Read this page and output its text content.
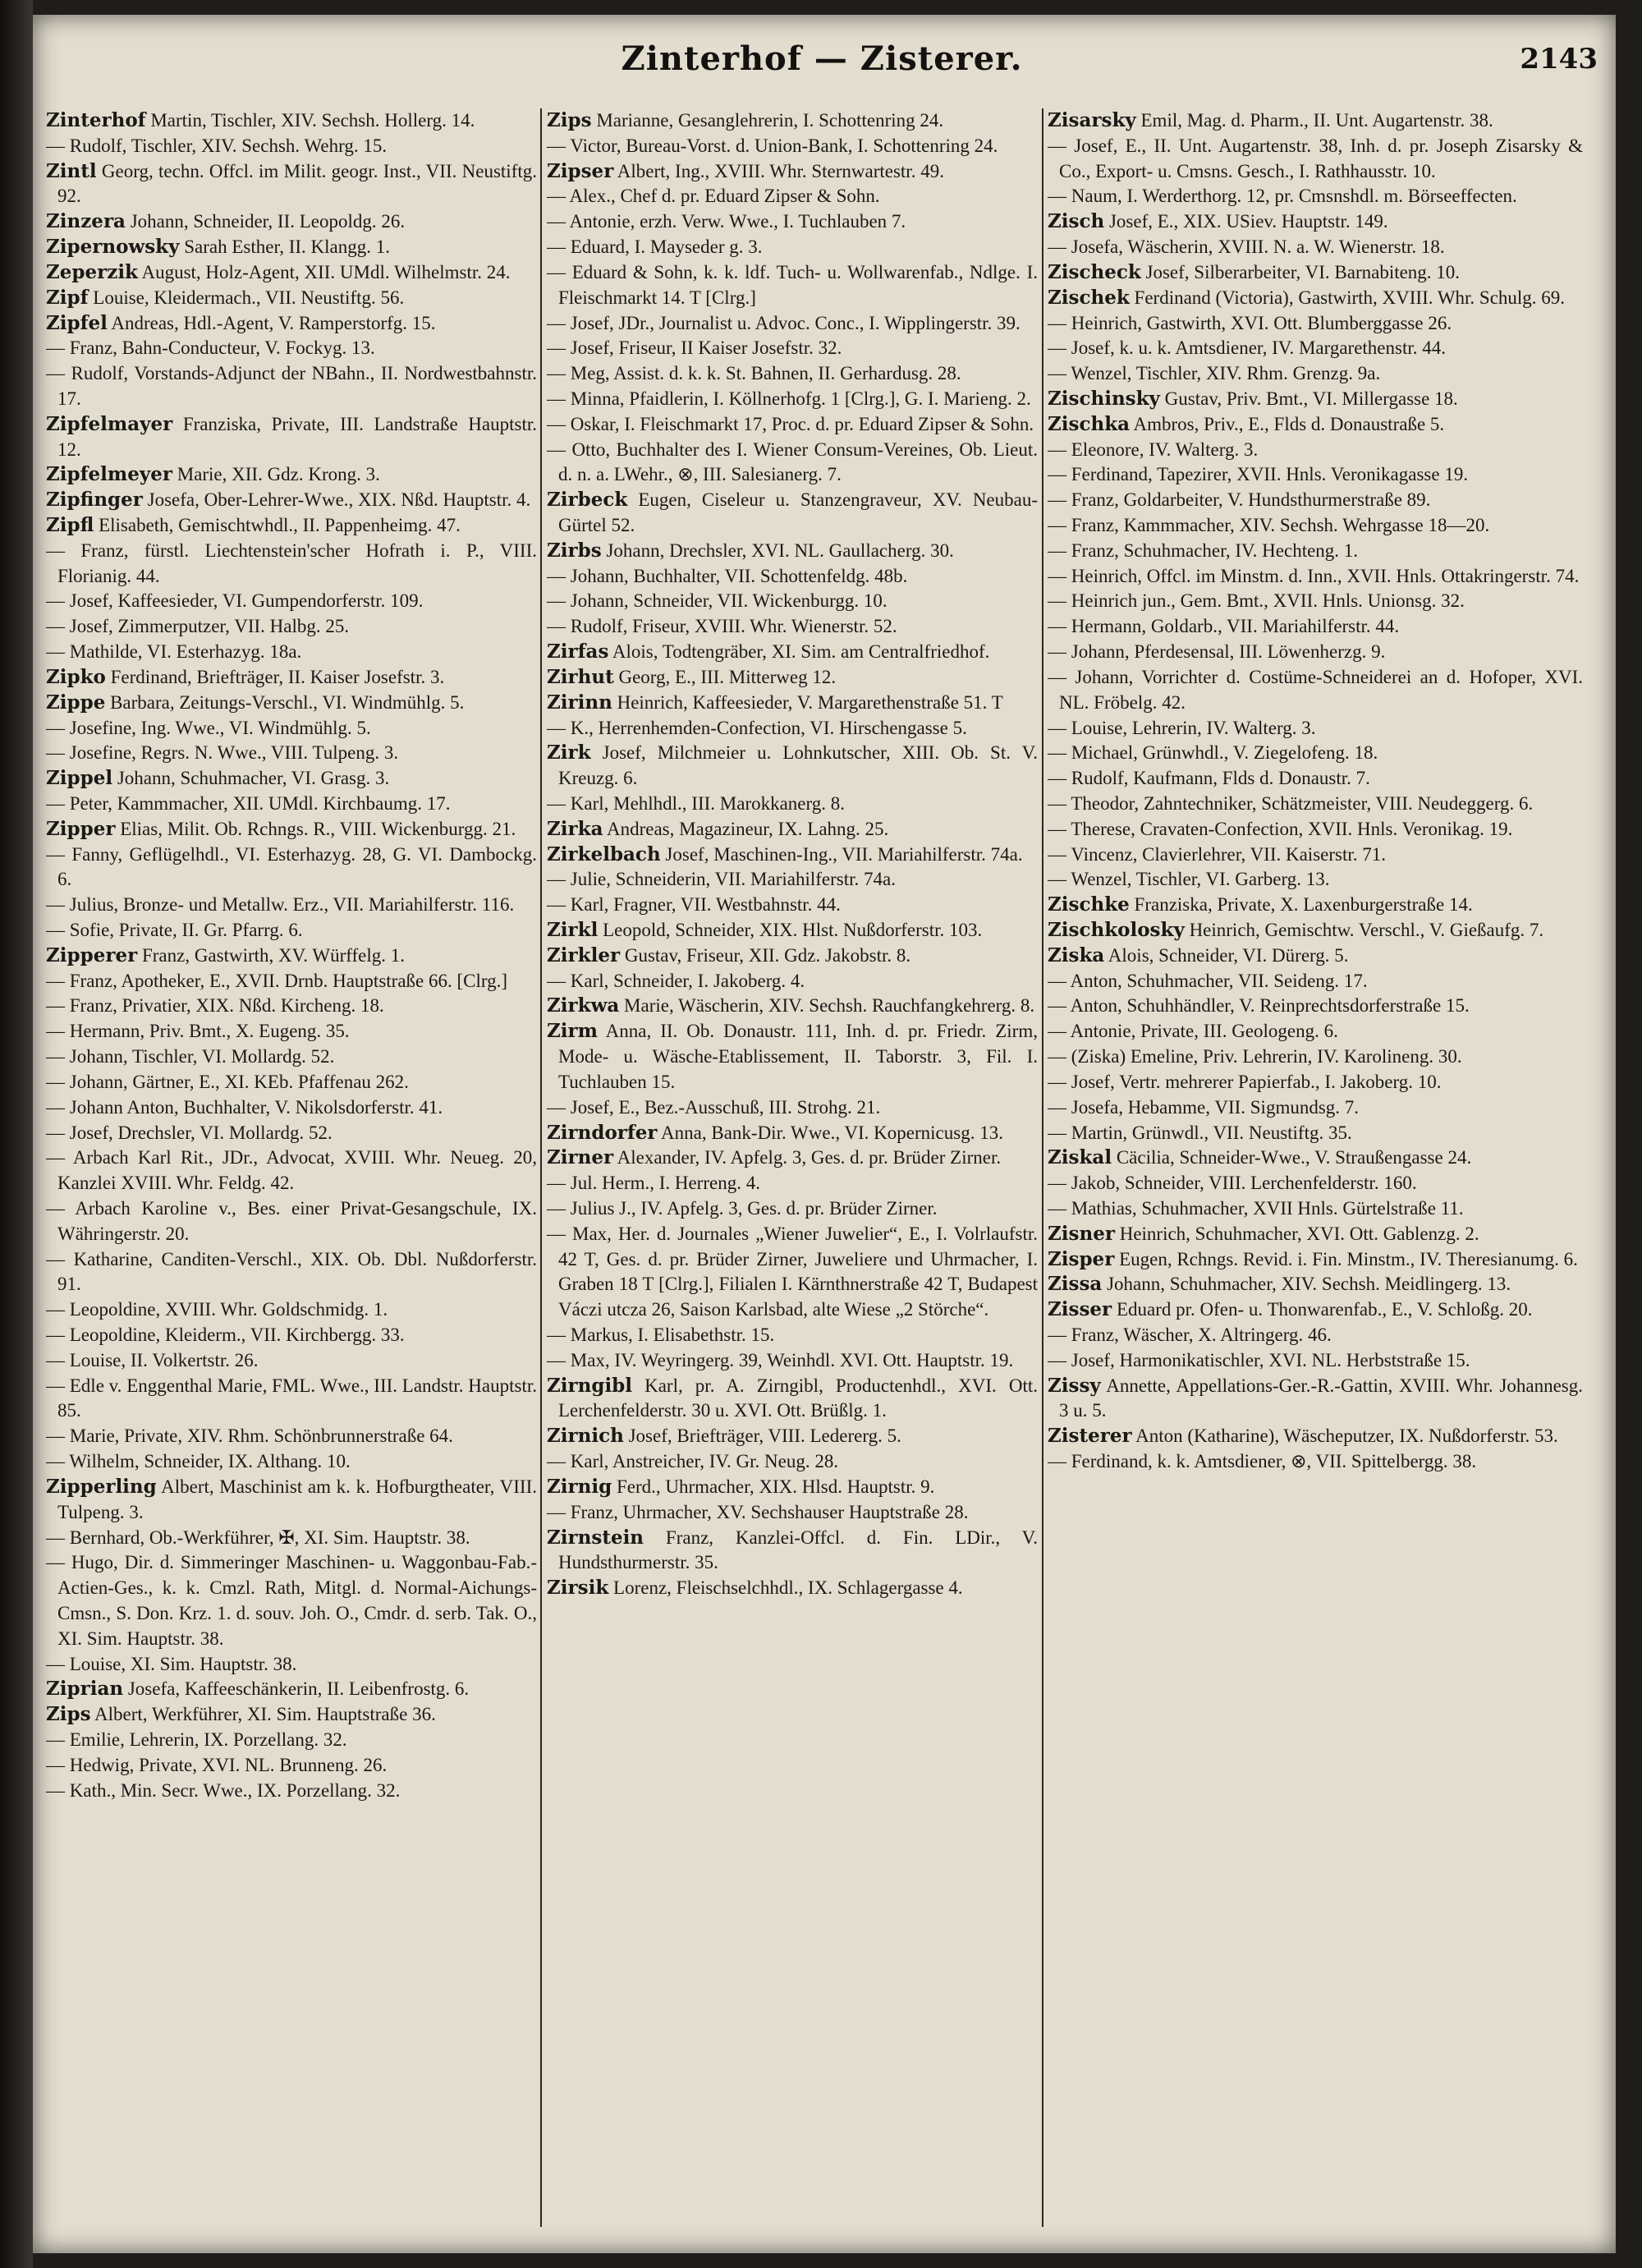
Zinterhof — Zisterer.	2143

Zinterhof Martin, Tischler, XIV. Sechsh. Hollerg. 14.

— Rudolf, Tischler, XIV. Sechsh. Wehrg. 15.

Zintl Georg, techn. Offcl. im Milit. geogr. Inst., VII. Neustiftg. 92.

Zinzera Johann, Schneider, II. Leopoldg. 26.

Zipernowsky Sarah Esther, II. Klangg. 1.

Zeperzik August, Holz-Agent, XII. UMdl. Wilhelmstr. 24.

Zipf Louise, Kleidermach., VII. Neustiftg. 56.

Zipfel Andreas, Hdl.-Agent, V. Ramperstorfg. 15.

— Franz, Bahn-Conducteur, V. Fockyg. 13.

— Rudolf, Vorstands-Adjunct der NBahn., II. Nordwestbahnstr. 17.

Zipfelmayer Franziska, Private, III. Landstraße Hauptstr. 12.

Zipfelmeyer Marie, XII. Gdz. Krong. 3.

Zipfinger Josefa, Ober-Lehrer-Wwe., XIX. Nßd. Hauptstr. 4.

Zipfl Elisabeth, Gemischtwhdl., II. Pappenheimg. 47.

— Franz, fürstl. Liechtenstein'scher Hofrath i. P., VIII. Florianig. 44.

— Josef, Kaffeesieder, VI. Gumpendorferstr. 109.

— Josef, Zimmerputzer, VII. Halbg. 25.

— Mathilde, VI. Esterhazyg. 18a.

Zipko Ferdinand, Briefträger, II. Kaiser Josefstr. 3.

Zippe Barbara, Zeitungs-Verschl., VI. Windmühlg. 5.

— Josefine, Ing. Wwe., VI. Windmühlg. 5.

— Josefine, Regrs. N. Wwe., VIII. Tulpeng. 3.

Zippel Johann, Schuhmacher, VI. Grasg. 3.

— Peter, Kammmacher, XII. UMdl. Kirchbaumg. 17.

Zipper Elias, Milit. Ob. Rchngs. R., VIII. Wickenburgg. 21.

— Fanny, Geflügelhdl., VI. Esterhazyg. 28, G. VI. Dambockg. 6.

— Julius, Bronze- und Metallw. Erz., VII. Mariahilferstr. 116.

— Sofie, Private, II. Gr. Pfarrg. 6.

Zipperer Franz, Gastwirth, XV. Würffelg. 1.

— Franz, Apotheker, E., XVII. Drnb. Hauptstraße 66. [Clrg.]

— Franz, Privatier, XIX. Nßd. Kircheng. 18.

— Hermann, Priv. Bmt., X. Eugeng. 35.

— Johann, Tischler, VI. Mollardg. 52.

— Johann, Gärtner, E., XI. KEb. Pfaffenau 262.

— Johann Anton, Buchhalter, V. Nikolsdorferstr. 41.

— Josef, Drechsler, VI. Mollardg. 52.

— Arbach Karl Rit., JDr., Advocat, XVIII. Whr. Neueg. 20, Kanzlei XVIII. Whr. Feldg. 42.

— Arbach Karoline v., Bes. einer Privat-Gesangschule, IX. Währingerstr. 20.

— Katharine, Canditen-Verschl., XIX. Ob. Dbl. Nußdorferstr. 91.

— Leopoldine, XVIII. Whr. Goldschmidg. 1.

— Leopoldine, Kleiderm., VII. Kirchbergg. 33.

— Louise, II. Volkertstr. 26.

— Edle v. Enggenthal Marie, FML. Wwe., III. Landstr. Hauptstr. 85.

— Marie, Private, XIV. Rhm. Schönbrunnerstraße 64.

— Wilhelm, Schneider, IX. Althang. 10.

Zipperling Albert, Maschinist am k. k. Hofburgtheater, VIII. Tulpeng. 3.

— Bernhard, Ob.-Werkführer, ✠, XI. Sim. Hauptstr. 38.

— Hugo, Dir. d. Simmeringer Maschinen- u. Waggonbau-Fab.-Actien-Ges., k. k. Cmzl. Rath, Mitgl. d. Normal-Aichungs-Cmsn., S. Don. Krz. 1. d. souv. Joh. O., Cmdr. d. serb. Tak. O., XI. Sim. Hauptstr. 38.

— Louise, XI. Sim. Hauptstr. 38.

Ziprian Josefa, Kaffeeschänkerin, II. Leibenfrostg. 6.

Zips Albert, Werkführer, XI. Sim. Hauptstraße 36.

— Emilie, Lehrerin, IX. Porzellang. 32.

— Hedwig, Private, XVI. NL. Brunneng. 26.

— Kath., Min. Secr. Wwe., IX. Porzellang. 32.

Zips Marianne, Gesanglehrerin, I. Schottenring 24.

— Victor, Bureau-Vorst. d. Union-Bank, I. Schottenring 24.

Zipser Albert, Ing., XVIII. Whr. Sternwartestr. 49.

— Alex., Chef d. pr. Eduard Zipser & Sohn.

— Antonie, erzh. Verw. Wwe., I. Tuchlauben 7.

— Eduard, I. Mayseder g. 3.

— Eduard & Sohn, k. k. ldf. Tuch- u. Wollwarenfab., Ndlge. I. Fleischmarkt 14. T [Clrg.]

— Josef, JDr., Journalist u. Advoc. Conc., I. Wipplingerstr. 39.

— Josef, Friseur, II Kaiser Josefstr. 32.

— Meg, Assist. d. k. k. St. Bahnen, II. Gerhardusg. 28.

— Minna, Pfaidlerin, I. Köllnerhofg. 1 [Clrg.], G. I. Marieng. 2.

— Oskar, I. Fleischmarkt 17, Proc. d. pr. Eduard Zipser & Sohn.

— Otto, Buchhalter des I. Wiener Consum-Vereines, Ob. Lieut. d. n. a. LWehr., ⊗, III. Salesianerg. 7.

Zirbeck Eugen, Ciseleur u. Stanzengraveur, XV. Neubau-Gürtel 52.

Zirbs Johann, Drechsler, XVI. NL. Gaullacherg. 30.

— Johann, Buchhalter, VII. Schottenfeldg. 48b.

— Johann, Schneider, VII. Wickenburgg. 10.

— Rudolf, Friseur, XVIII. Whr. Wienerstr. 52.

Zirfas Alois, Todtengräber, XI. Sim. am Centralfriedhof.

Zirhut Georg, E., III. Mitterweg 12.

Zirinn Heinrich, Kaffeesieder, V. Margarethenstraße 51. T

— K., Herrenhemden-Confection, VI. Hirschengasse 5.

Zirk Josef, Milchmeier u. Lohnkutscher, XIII. Ob. St. V. Kreuzg. 6.

— Karl, Mehlhdl., III. Marokkanerg. 8.

Zirka Andreas, Magazineur, IX. Lahng. 25.

Zirkelbach Josef, Maschinen-Ing., VII. Mariahilferstr. 74a.

— Julie, Schneiderin, VII. Mariahilferstr. 74a.

— Karl, Fragner, VII. Westbahnstr. 44.

Zirkl Leopold, Schneider, XIX. Hlst. Nußdorferstr. 103.

Zirkler Gustav, Friseur, XII. Gdz. Jakobstr. 8.

— Karl, Schneider, I. Jakoberg. 4.

Zirkwa Marie, Wäscherin, XIV. Sechsh. Rauchfangkehrerg. 8.

Zirm Anna, II. Ob. Donaustr. 111, Inh. d. pr. Friedr. Zirm, Mode- u. Wäsche-Etablissement, II. Taborstr. 3, Fil. I. Tuchlauben 15.

— Josef, E., Bez.-Ausschuß, III. Strohg. 21.

Zirndorfer Anna, Bank-Dir. Wwe., VI. Kopernicusg. 13.

Zirner Alexander, IV. Apfelg. 3, Ges. d. pr. Brüder Zirner.

— Jul. Herm., I. Herreng. 4.

— Julius J., IV. Apfelg. 3, Ges. d. pr. Brüder Zirner.

— Max, Her. d. Journales „Wiener Juwelier“, E., I. Volrlaufstr. 42 T, Ges. d. pr. Brüder Zirner, Juweliere und Uhrmacher, I. Graben 18 T [Clrg.], Filialen I. Kärnthnerstraße 42 T, Budapest Váczi utcza 26, Saison Karlsbad, alte Wiese „2 Störche“.

— Markus, I. Elisabethstr. 15.

— Max, IV. Weyringerg. 39, Weinhdl. XVI. Ott. Hauptstr. 19.

Zirngibl Karl, pr. A. Zirngibl, Productenhdl., XVI. Ott. Lerchenfelderstr. 30 u. XVI. Ott. Brüßlg. 1.

Zirnich Josef, Briefträger, VIII. Ledererg. 5.

— Karl, Anstreicher, IV. Gr. Neug. 28.

Zirnig Ferd., Uhrmacher, XIX. Hlsd. Hauptstr. 9.

— Franz, Uhrmacher, XV. Sechshauser Hauptstraße 28.

Zirnstein Franz, Kanzlei-Offcl. d. Fin. LDir., V. Hundsthurmerstr. 35.

Zirsik Lorenz, Fleischselchhdl., IX. Schlagergasse 4.

Zisarsky Emil, Mag. d. Pharm., II. Unt. Augartenstr. 38.

— Josef, E., II. Unt. Augartenstr. 38, Inh. d. pr. Joseph Zisarsky & Co., Export- u. Cmsns. Gesch., I. Rathhausstr. 10.

— Naum, I. Werderthorg. 12, pr. Cmsnshdl. m. Börseeffecten.

Zisch Josef, E., XIX. USiev. Hauptstr. 149.

— Josefa, Wäscherin, XVIII. N. a. W. Wienerstr. 18.

Zischeck Josef, Silberarbeiter, VI. Barnabiteng. 10.

Zischek Ferdinand (Victoria), Gastwirth, XVIII. Whr. Schulg. 69.

— Heinrich, Gastwirth, XVI. Ott. Blumberggasse 26.

— Josef, k. u. k. Amtsdiener, IV. Margarethenstr. 44.

— Wenzel, Tischler, XIV. Rhm. Grenzg. 9a.

Zischinsky Gustav, Priv. Bmt., VI. Millergasse 18.

Zischka Ambros, Priv., E., Flds d. Donaustraße 5.

— Eleonore, IV. Walterg. 3.

— Ferdinand, Tapezirer, XVII. Hnls. Veronikagasse 19.

— Franz, Goldarbeiter, V. Hundsthurmerstraße 89.

— Franz, Kammmacher, XIV. Sechsh. Wehrgasse 18—20.

— Franz, Schuhmacher, IV. Hechteng. 1.

— Heinrich, Offcl. im Minstm. d. Inn., XVII. Hnls. Ottakringerstr. 74.

— Heinrich jun., Gem. Bmt., XVII. Hnls. Unionsg. 32.

— Hermann, Goldarb., VII. Mariahilferstr. 44.

— Johann, Pferdesensal, III. Löwenherzg. 9.

— Johann, Vorrichter d. Costüme-Schneiderei an d. Hofoper, XVI. NL. Fröbelg. 42.

— Louise, Lehrerin, IV. Walterg. 3.

— Michael, Grünwhdl., V. Ziegelofeng. 18.

— Rudolf, Kaufmann, Flds d. Donaustr. 7.

— Theodor, Zahntechniker, Schätzmeister, VIII. Neudeggerg. 6.

— Therese, Cravaten-Confection, XVII. Hnls. Veronikag. 19.

— Vincenz, Clavierlehrer, VII. Kaiserstr. 71.

— Wenzel, Tischler, VI. Garberg. 13.

Zischke Franziska, Private, X. Laxenburgerstraße 14.

Zischkolosky Heinrich, Gemischtw. Verschl., V. Gießaufg. 7.

Ziska Alois, Schneider, VI. Dürerg. 5.

— Anton, Schuhmacher, VII. Seideng. 17.

— Anton, Schuhhändler, V. Reinprechtsdorferstraße 15.

— Antonie, Private, III. Geologeng. 6.

— (Ziska) Emeline, Priv. Lehrerin, IV. Karolineng. 30.

— Josef, Vertr. mehrerer Papierfab., I. Jakoberg. 10.

— Josefa, Hebamme, VII. Sigmundsg. 7.

— Martin, Grünwdl., VII. Neustiftg. 35.

Ziskal Cäcilia, Schneider-Wwe., V. Straußengasse 24.

— Jakob, Schneider, VIII. Lerchenfelderstr. 160.

— Mathias, Schuhmacher, XVII Hnls. Gürtelstraße 11.

Zisner Heinrich, Schuhmacher, XVI. Ott. Gablenzg. 2.

Zisper Eugen, Rchngs. Revid. i. Fin. Minstm., IV. Theresianumg. 6.

Zissa Johann, Schuhmacher, XIV. Sechsh. Meidlingerg. 13.

Zisser Eduard pr. Ofen- u. Thonwarenfab., E., V. Schloßg. 20.

— Franz, Wäscher, X. Altringerg. 46.

— Josef, Harmonikatischler, XVI. NL. Herbststraße 15.

Zissy Annette, Appellations-Ger.-R.-Gattin, XVIII. Whr. Johannesg. 3 u. 5.

Zisterer Anton (Katharine), Wäscheputzer, IX. Nußdorferstr. 53.

— Ferdinand, k. k. Amtsdiener, ⊗, VII. Spittelbergg. 38.
